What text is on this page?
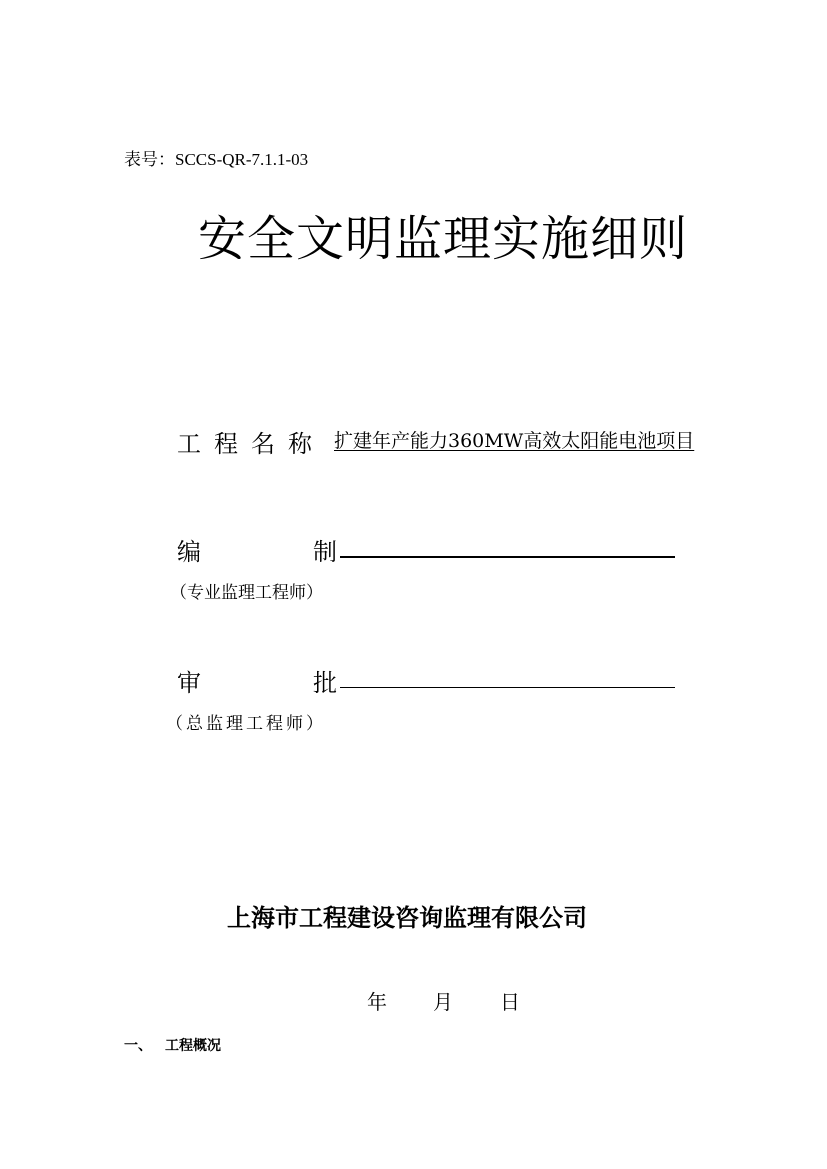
表号：SCCS-QR-7.1.1-03
安全文明监理实施细则
工程名称 扩建年产能力360MW高效太阳能电池项目
编	制
（专业监理工程师）
审	批
（总监理工程师）
上海市工程建设咨询监理有限公司
年 月 日
一、 工程概况
